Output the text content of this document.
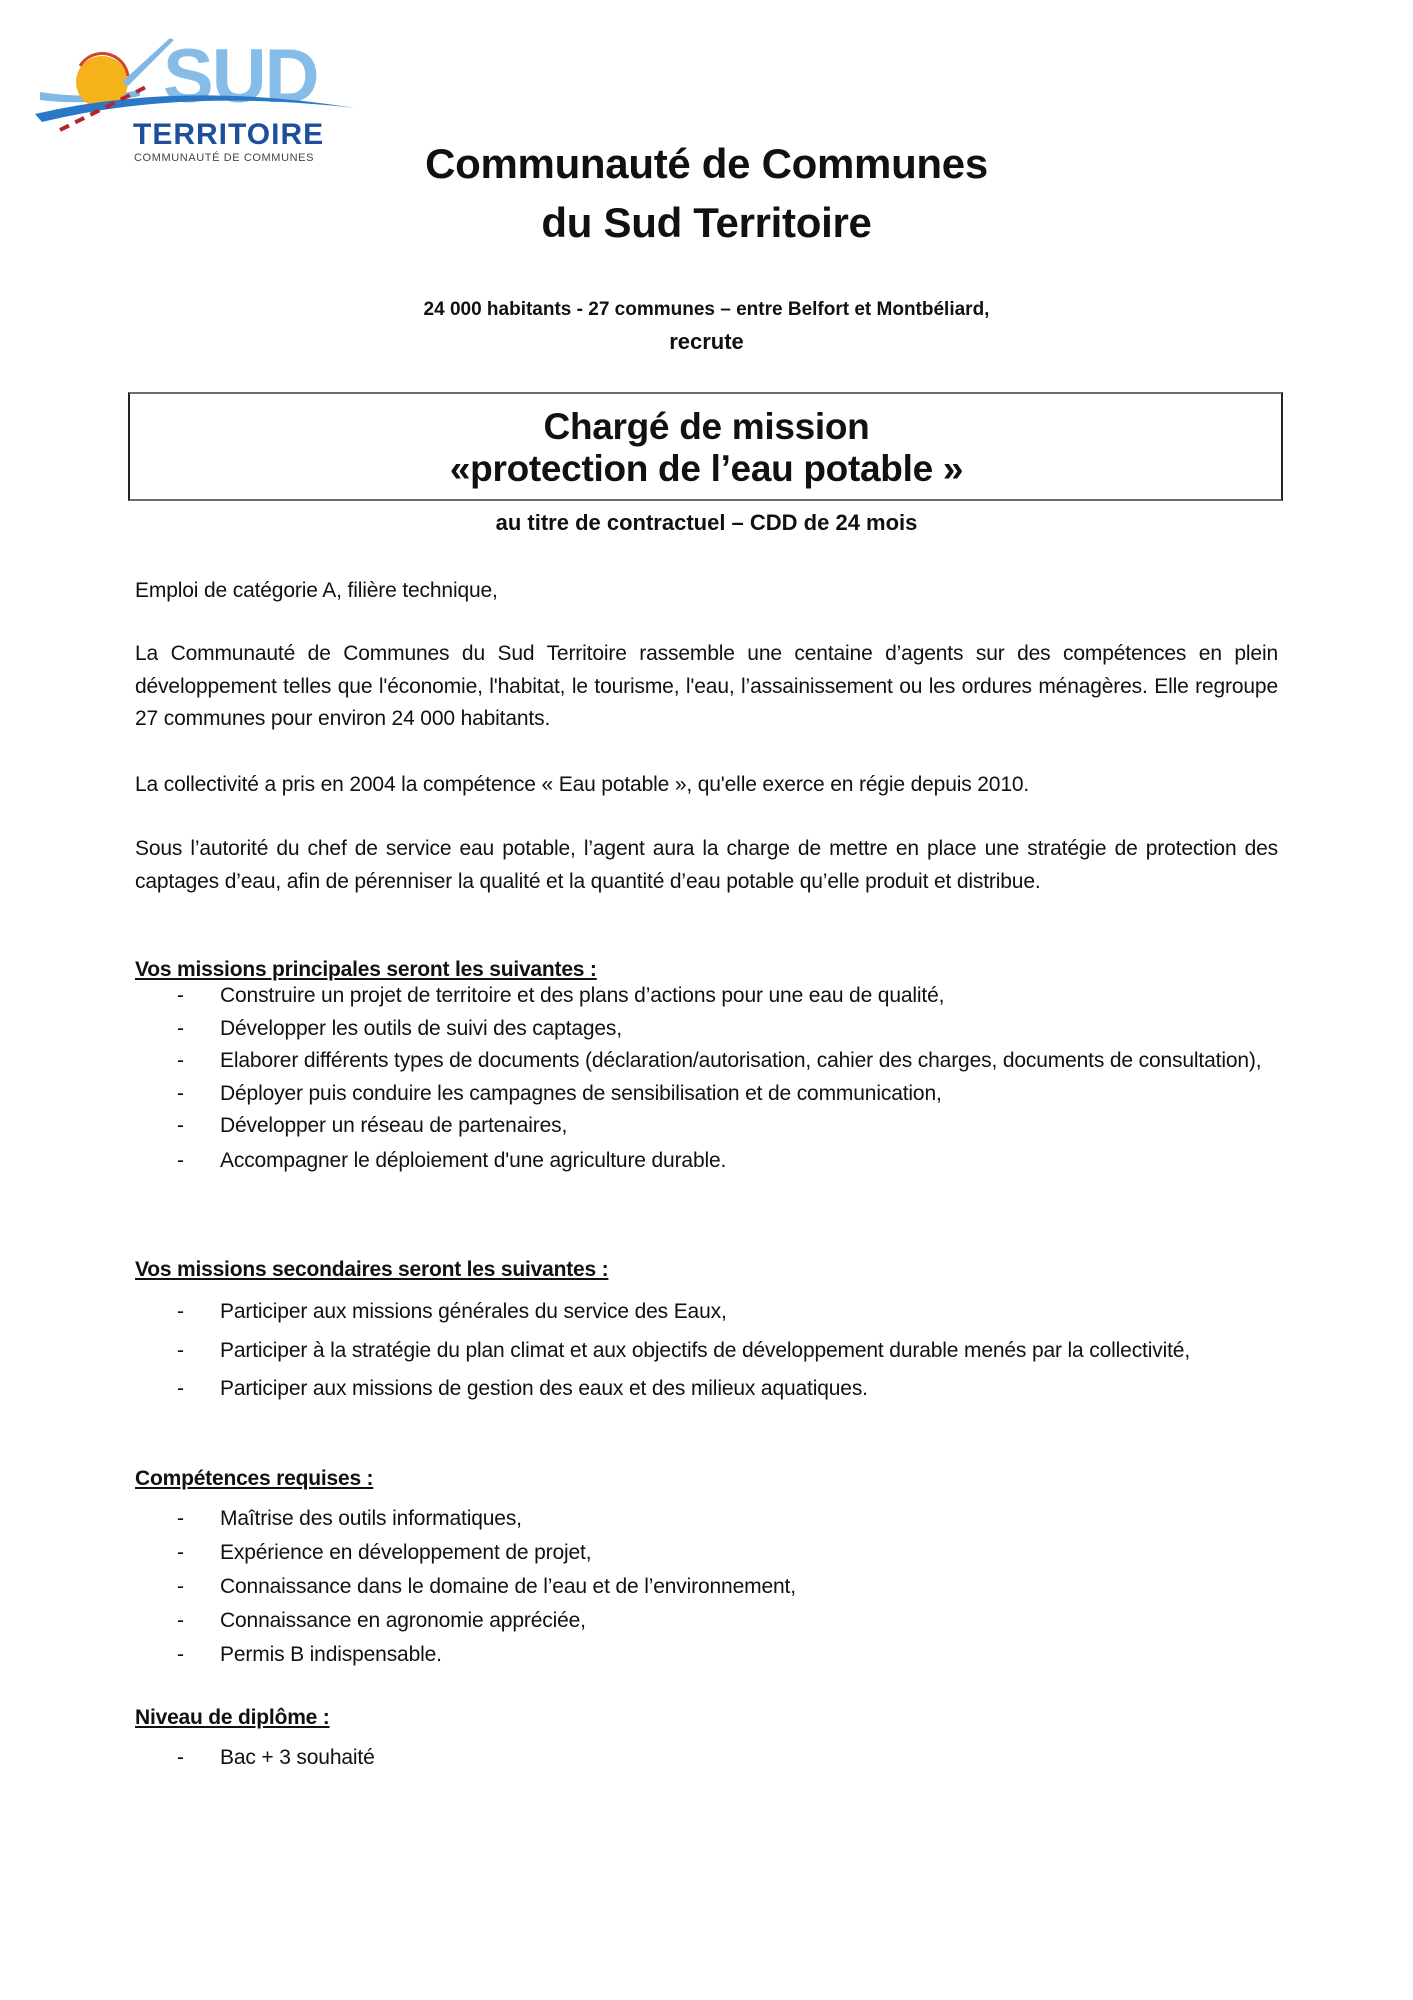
SUD
TERRITOIRE
COMMUNAUTÉ DE COMMUNES	Communauté de Communes
du Sud Territoire
24 000 habitants - 27 communes – entre Belfort et Montbéliard,
recrute
Chargé de mission
«protection de l’eau potable »
au titre de contractuel – CDD de 24 mois
Emploi de catégorie A, filière technique,
La Communauté de Communes du Sud Territoire rassemble une centaine d’agents sur des compétences en plein développement telles que l'économie, l'habitat, le tourisme, l'eau, l’assainissement ou les ordures ménagères. Elle regroupe 27 communes pour environ 24 000 habitants.
La collectivité a pris en 2004 la compétence « Eau potable », qu'elle exerce en régie depuis 2010.
Sous l’autorité du chef de service eau potable, l’agent aura la charge de mettre en place une stratégie de protection des captages d’eau, afin de pérenniser la qualité et la quantité d’eau potable qu’elle produit et distribue.
Vos missions principales seront les suivantes :
- Construire un projet de territoire et des plans d’actions pour une eau de qualité,
- Développer les outils de suivi des captages,
- Elaborer différents types de documents (déclaration/autorisation, cahier des charges, documents de consultation),
- Déployer puis conduire les campagnes de sensibilisation et de communication,
- Développer un réseau de partenaires,
- Accompagner le déploiement d'une agriculture durable.
Vos missions secondaires seront les suivantes :
- Participer aux missions générales du service des Eaux,
- Participer à la stratégie du plan climat et aux objectifs de développement durable menés par la collectivité,
- Participer aux missions de gestion des eaux et des milieux aquatiques.
Compétences requises :
- Maîtrise des outils informatiques,
- Expérience en développement de projet,
- Connaissance dans le domaine de l’eau et de l’environnement,
- Connaissance en agronomie appréciée,
- Permis B indispensable.
Niveau de diplôme :
- Bac + 3 souhaité
